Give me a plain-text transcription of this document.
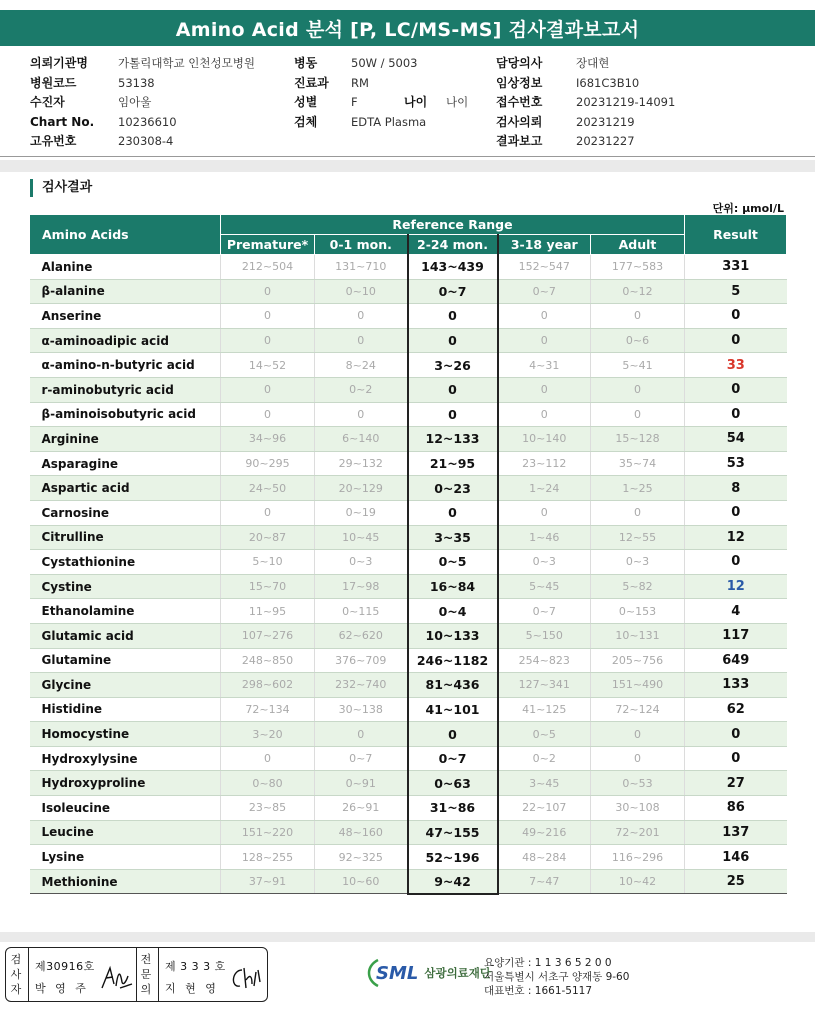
Amino Acid 분석 [P, LC/MS-MS] 검사결과보고서
의뢰기관명	가톨릭대학교 인천성모병원
병원코드	53138
수진자	임아울
Chart No. 10236610
고유번호	230308-4
병동	50W / 5003
진료과 RM
성별	F	나이 나이
검체	EDTA Plasma
담당의사	장대현
임상정보	I681C3B10
접수번호	20231219-14091
검사의뢰	20231219
결과보고	20231227
검사결과
단위: μmol/L
Amino Acids	Reference Range					Result
	Premature*	0-1 mon.	2-24 mon.	3-18 year	Adult	
Alanine	212~504	131~710	143~439	152~547	177~583	331
β-alanine	0	0~10	0~7	0~7	0~12	5
Anserine	0	0	0	0	0	0
α-aminoadipic acid	0	0	0	0	0~6	0
α-amino-n-butyric acid	14~52	8~24	3~26	4~31	5~41	33
r-aminobutyric acid	0	0~2	0	0	0	0
β-aminoisobutyric acid	0	0	0	0	0	0
Arginine	34~96	6~140	12~133	10~140	15~128	54
Asparagine	90~295	29~132	21~95	23~112	35~74	53
Aspartic acid	24~50	20~129	0~23	1~24	1~25	8
Carnosine	0	0~19	0	0	0	0
Citrulline	20~87	10~45	3~35	1~46	12~55	12
Cystathionine	5~10	0~3	0~5	0~3	0~3	0
Cystine	15~70	17~98	16~84	5~45	5~82	12
Ethanolamine	11~95	0~115	0~4	0~7	0~153	4
Glutamic acid	107~276	62~620	10~133	5~150	10~131	117
Glutamine	248~850	376~709	246~1182	254~823	205~756	649
Glycine	298~602	232~740	81~436	127~341	151~490	133
Histidine	72~134	30~138	41~101	41~125	72~124	62
Homocystine	3~20	0	0	0~5	0	0
Hydroxylysine	0	0~7	0~7	0~2	0	0
Hydroxyproline	0~80	0~91	0~63	3~45	0~53	27
Isoleucine	23~85	26~91	31~86	22~107	30~108	86
Leucine	151~220	48~160	47~155	49~216	72~201	137
Lysine	128~255	92~325	52~196	48~284	116~296	146
Methionine	37~91	10~60	9~42	7~47	10~42	25
검
사
자
제30916호
박 영 주
전
문
의
제 3 3 3 호
지 현 영
SML 삼광의료재단
요양기관 : 1 1 3 6 5 2 0 0
서울특별시 서초구 양재동 9-60
대표번호 : 1661-5117
